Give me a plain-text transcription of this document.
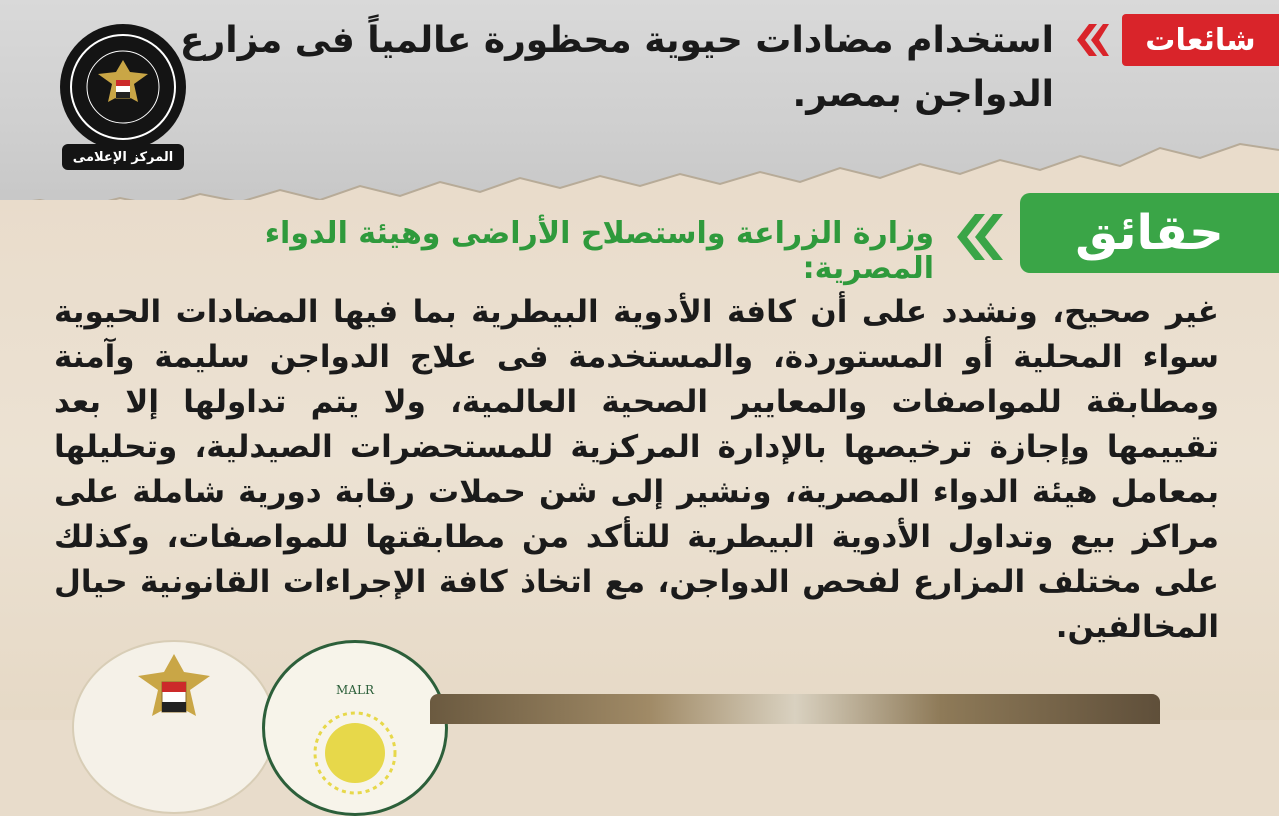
شائعات
استخدام مضادات حيوية محظورة عالمياً فى مزارع الدواجن بمصر.
حقائق
وزارة الزراعة واستصلاح الأراضى وهيئة الدواء المصرية:
غير صحيح، ونشدد على أن كافة الأدوية البيطرية بما فيها المضادات الحيوية سواء المحلية أو المستوردة، والمستخدمة فى علاج الدواجن سليمة وآمنة ومطابقة للمواصفات والمعايير الصحية العالمية، ولا يتم تداولها إلا بعد تقييمها وإجازة ترخيصها بالإدارة المركزية للمستحضرات الصيدلية، وتحليلها بمعامل هيئة الدواء المصرية، ونشير إلى شن حملات رقابة دورية شاملة على مراكز بيع وتداول الأدوية البيطرية للتأكد من مطابقتها للمواصفات، وكذلك على مختلف المزارع لفحص الدواجن، مع اتخاذ كافة الإجراءات القانونية حيال المخالفين.
المركز الإعلامى
MALR
